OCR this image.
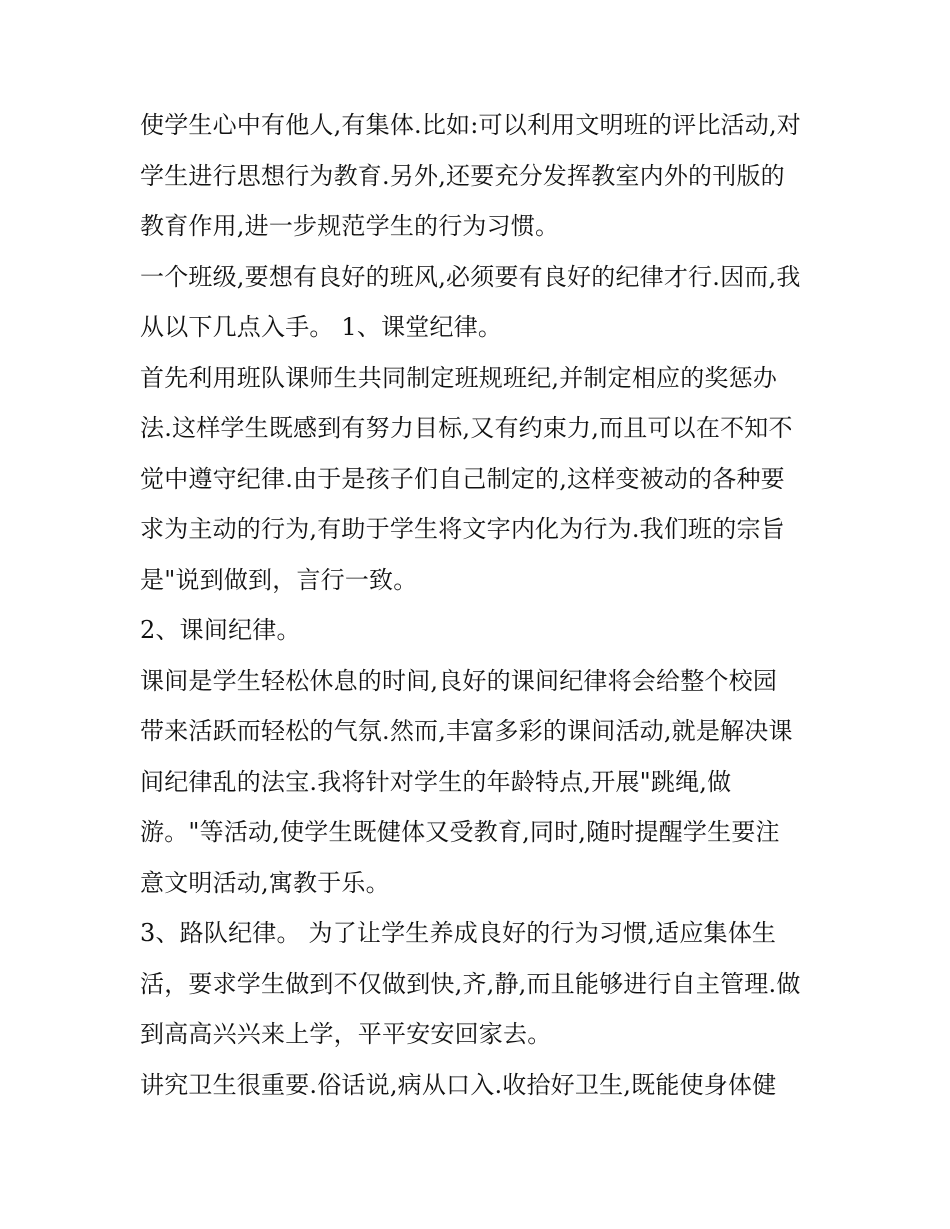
使学生心中有他人,有集体.比如:可以利用文明班的评比活动,对
学生进行思想行为教育.另外,还要充分发挥教室内外的刊版的
教育作用,进一步规范学生的行为习惯。
一个班级,要想有良好的班风,必须要有良好的纪律才行.因而,我
从以下几点入手。 1、课堂纪律。
首先利用班队课师生共同制定班规班纪,并制定相应的奖惩办
法.这样学生既感到有努力目标,又有约束力,而且可以在不知不
觉中遵守纪律.由于是孩子们自己制定的,这样变被动的各种要
求为主动的行为,有助于学生将文字内化为行为.我们班的宗旨
是"说到做到，言行一致。
2、课间纪律。
课间是学生轻松休息的时间,良好的课间纪律将会给整个校园
带来活跃而轻松的气氛.然而,丰富多彩的课间活动,就是解决课
间纪律乱的法宝.我将针对学生的年龄特点,开展"跳绳,做
游。"等活动,使学生既健体又受教育,同时,随时提醒学生要注
意文明活动,寓教于乐。
3、路队纪律。 为了让学生养成良好的行为习惯,适应集体生
活，要求学生做到不仅做到快,齐,静,而且能够进行自主管理.做
到高高兴兴来上学，平平安安回家去。
讲究卫生很重要.俗话说,病从口入.收拾好卫生,既能使身体健
